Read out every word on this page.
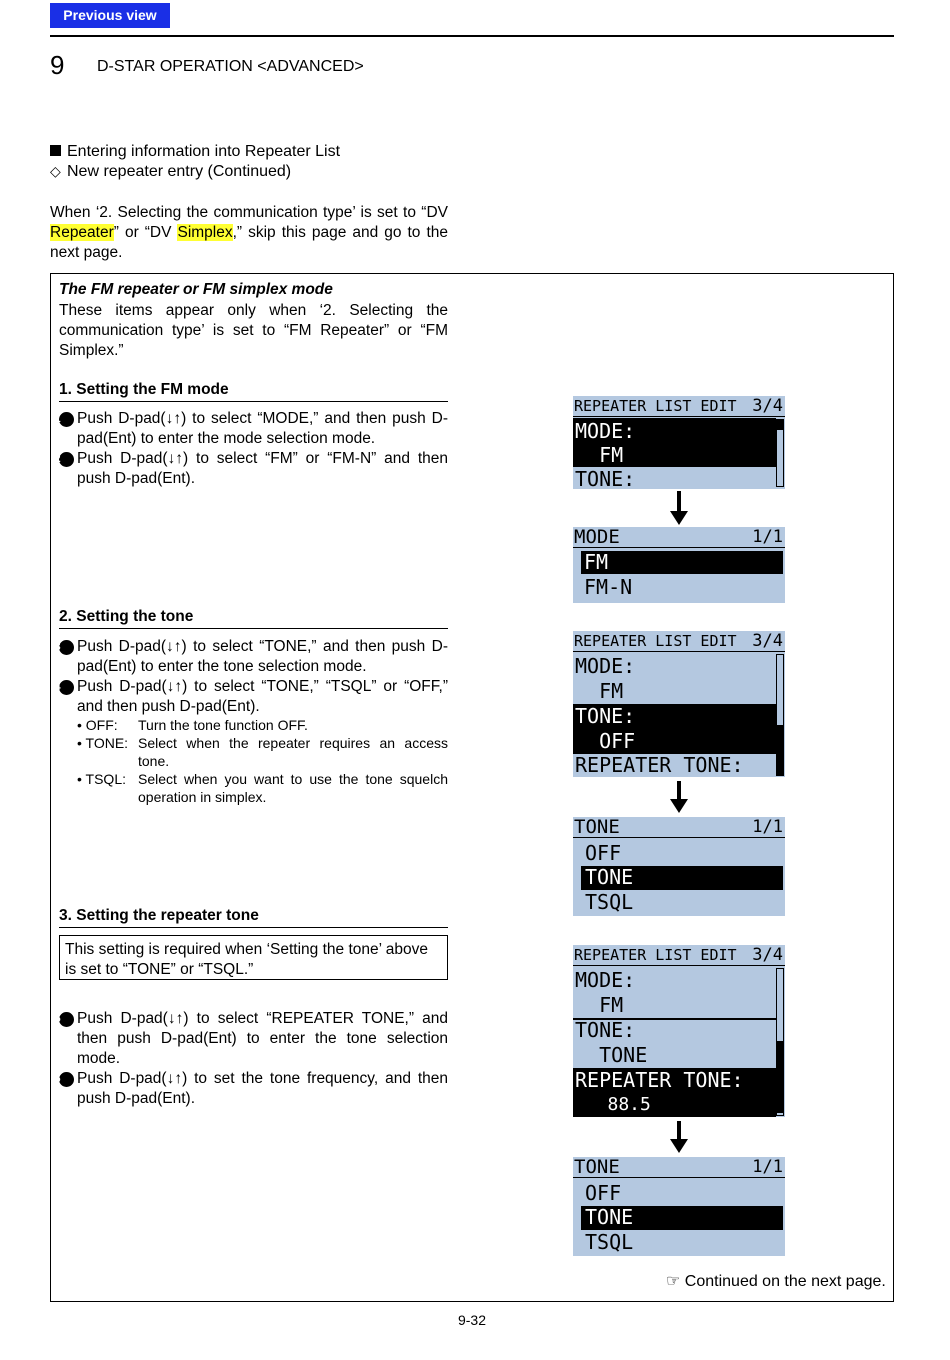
Previous view
9 D-STAR OPERATION <ADVANCED>
Entering information into Repeater List
◇ New repeater entry (Continued)
When ‘2. Selecting the communication type’ is set to “DV Repeater” or “DV Simplex,” skip this page and go to the next page.
The FM repeater or FM simplex mode
These items appear only when ‘2. Selecting the communication type’ is set to “FM Repeater” or “FM Simplex.”
1. Setting the FM mode
1 Push D-pad(↓↑) to select “MODE,” and then push D-pad(Ent) to enter the mode selection mode.
2 Push D-pad(↓↑) to select “FM” or “FM-N” and then push D-pad(Ent).
2. Setting the tone
3 Push D-pad(↓↑) to select “TONE,” and then push D-pad(Ent) to enter the tone selection mode.
4 Push D-pad(↓↑) to select “TONE,” “TSQL” or “OFF,” and then push D-pad(Ent).
• OFF:	Turn the tone function OFF.
• TONE: Select when the repeater requires an access tone.
• TSQL: Select when you want to use the tone squelch operation in simplex.
3. Setting the repeater tone
This setting is required when ‘Setting the tone’ above is set to “TONE” or “TSQL.”
5 Push D-pad(↓↑) to select “REPEATER TONE,” and then push D-pad(Ent) to enter the tone selection mode.
6 Push D-pad(↓↑) to set the tone frequency, and then push D-pad(Ent).
REPEATER LIST EDIT 3/4
MODE:
FM
TONE:
MODE	1/1
FM
FM-N
REPEATER LIST EDIT 3/4
MODE:
FM
TONE:
OFF
REPEATER TONE:
TONE	1/1
OFF
TONE
TSQL
REPEATER LIST EDIT 3/4
MODE:
FM
TONE:
TONE
REPEATER TONE:
88.5
TONE	1/1
OFF
TONE
TSQL
☞ Continued on the next page.
9-32
